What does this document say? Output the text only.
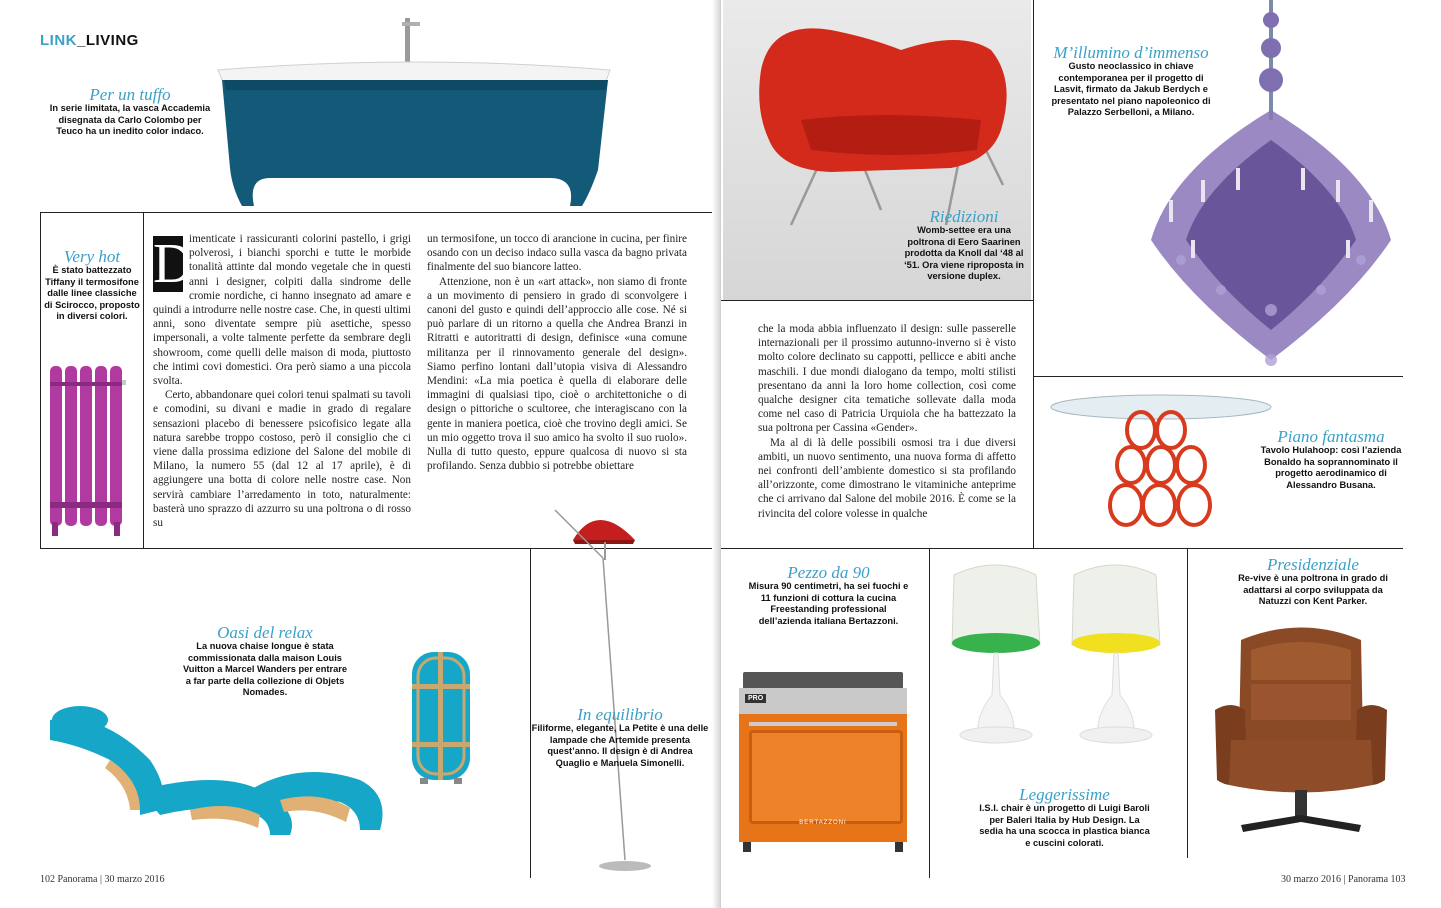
LINK_LIVING
Per un tuffo
In serie limitata, la vasca Accademia disegnata da Carlo Colombo per Teuco ha un inedito color indaco.
Very hot
È stato battezzato Tiffany il termosifone dalle linee classiche di Scirocco, proposto in diversi colori.
D

imenticate i rassicuranti colorini pastello, i grigi polverosi, i bianchi sporchi e tutte le morbide tonalità attinte dal mondo vegetale che in questi anni i designer, colpiti dalla sindrome delle cromie nordiche, ci hanno insegnato ad amare e quindi a introdurre nelle nostre case. Che, in questi ultimi anni, sono diventate sempre più asettiche, spesso impersonali, a volte talmente perfette da sembrare degli showroom, come quelli delle maison di moda, piuttosto che intimi covi domestici. Ora però siamo a una piccola svolta.

Certo, abbandonare quei colori tenui spalmati su tavoli e comodini, su divani e madie in grado di regalare sensazioni placebo di benessere psicofisico legate alla natura sarebbe troppo costoso, però il consiglio che ci viene dalla prossima edizione del Salone del mobile di Milano, la numero 55 (dal 12 al 17 aprile), è di aggiungere una botta di colore nelle nostre case. Non servirà cambiare l’arredamento in toto, naturalmente: basterà uno sprazzo di azzurro su una poltrona o di rosso su

un termosifone, un tocco di arancione in cucina, per finire osando con un deciso indaco sulla vasca da bagno privata finalmente del suo biancore latteo.

Attenzione, non è un «art attack», non siamo di fronte a un movimento di pensiero in grado di sconvolgere i canoni del gusto e quindi dell’approccio alle cose. Né si può parlare di un ritorno a quella che Andrea Branzi in Ritratti e autoritratti di design, definisce «una comune militanza per il rinnovamento generale del design». Siamo perfino lontani dall’utopia visiva di Alessandro Mendini: «La mia poetica è quella di elaborare delle immagini di qualsiasi tipo, cioè o architettoniche o di design o pittoriche o scultoree, che interagiscano con la gente in maniera poetica, cioè che trovino degli amici. Se un mio oggetto trova il suo amico ha svolto il suo ruolo». Nulla di tutto questo, eppure qualcosa di nuovo si sta profilando. Senza dubbio si potrebbe obiettare

Oasi del relax
La nuova chaise longue è stata commissionata dalla maison Louis Vuitton a Marcel Wanders per entrare a far parte della collezione di Objets Nomades.
In equilibrio
Filiforme, elegante, La Petite è una delle lampade che Artemide presenta quest’anno. Il design è di Andrea Quaglio e Manuela Simonelli.
102 Panorama | 30 marzo 2016
Riedizioni
Womb-settee era una poltrona di Eero Saarinen prodotta da Knoll dal ‘48 al ‘51. Ora viene riproposta in versione duplex.
M’illumino d’immenso
Gusto neoclassico in chiave contemporanea per il progetto di Lasvit, firmato da Jakub Berdych e presentato nel piano napoleonico di Palazzo Serbelloni, a Milano.

che la moda abbia influenzato il design: sulle passerelle internazionali per il prossimo autunno-inverno si è visto molto colore declinato su cappotti, pellicce e abiti anche maschili. I due mondi dialogano da tempo, molti stilisti presentano da anni la loro home collection, così come qualche designer cita tematiche sollevate dalla moda come nel caso di Patricia Urquiola che ha battezzato la sua poltrona per Cassina «Gender».

Ma al di là delle possibili osmosi tra i due diversi ambiti, un nuovo sentimento, una nuova forma di affetto nei confronti dell’ambiente domestico si sta profilando all’orizzonte, come dimostrano le vitaminiche anteprime che ci arrivano dal Salone del mobile 2016. È come se la rivincita del colore volesse in qualche

Piano fantasma
Tavolo Hulahoop: così l’azienda Bonaldo ha soprannominato il progetto aerodinamico di Alessandro Busana.
Pezzo da 90
Misura 90 centimetri, ha sei fuochi e 11 funzioni di cottura la cucina Freestanding professional dell’azienda italiana Bertazzoni.
PRO
BERTAZZONI
Leggerissime
I.S.I. chair è un progetto di Luigi Baroli per Baleri Italia by Hub Design. La sedia ha una scocca in plastica bianca e cuscini colorati.
Presidenziale
Re-vive è una poltrona in grado di adattarsi al corpo sviluppata da Natuzzi con Kent Parker.
30 marzo 2016 | Panorama 103
